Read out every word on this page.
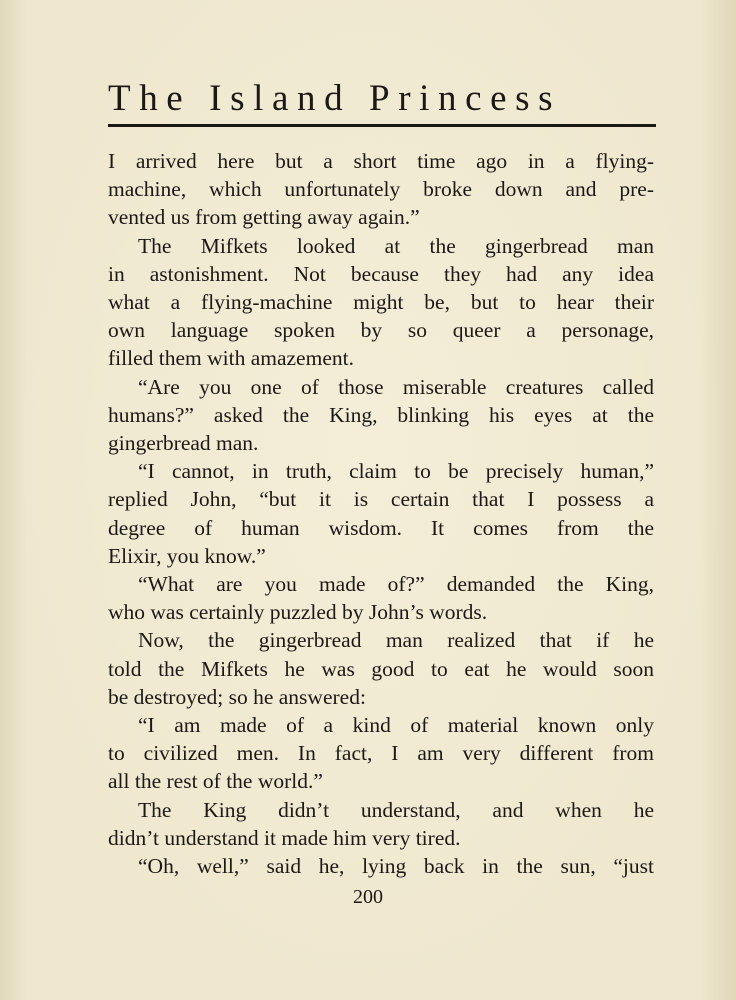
The Island Princess

I arrived here but a short time ago in a flying-
machine, which unfortunately broke down and pre-
vented us from getting away again.”

The Mifkets looked at the gingerbread man
in astonishment. Not because they had any idea
what a flying-machine might be, but to hear their
own language spoken by so queer a personage,
filled them with amazement.

“Are you one of those miserable creatures called
humans?” asked the King, blinking his eyes at the
gingerbread man.

“I cannot, in truth, claim to be precisely human,”
replied John, “but it is certain that I possess a
degree of human wisdom. It comes from the
Elixir, you know.”

“What are you made of?” demanded the King,
who was certainly puzzled by John’s words.

Now, the gingerbread man realized that if he
told the Mifkets he was good to eat he would soon
be destroyed; so he answered:

“I am made of a kind of material known only
to civilized men. In fact, I am very different from
all the rest of the world.”

The King didn’t understand, and when he
didn’t understand it made him very tired.

“Oh, well,” said he, lying back in the sun, “just

200
